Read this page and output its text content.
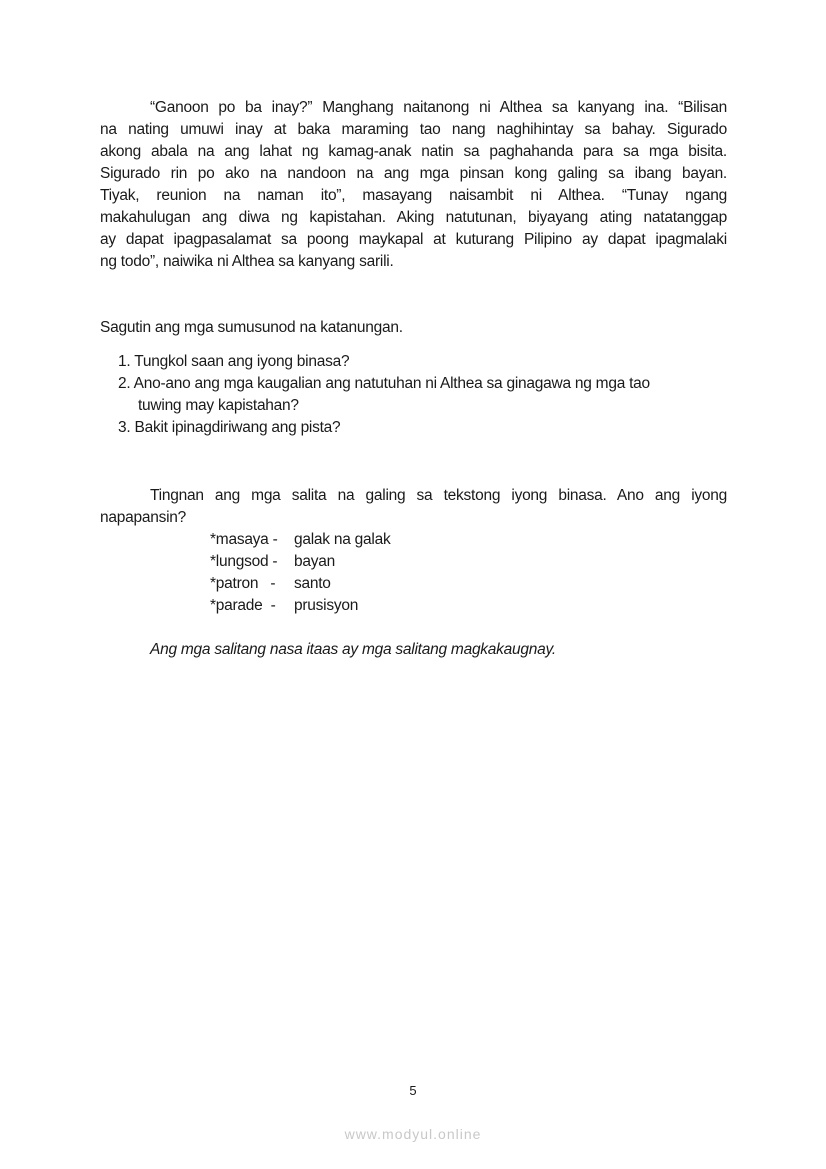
“Ganoon po ba inay?” Manghang naitanong ni Althea sa kanyang ina. “Bilisan
na nating umuwi inay at baka maraming tao nang naghihintay sa bahay. Sigurado
akong abala na ang lahat ng kamag-anak natin sa paghahanda para sa mga bisita.
Sigurado rin po ako na nandoon na ang mga pinsan kong galing sa ibang bayan.
Tiyak, reunion na naman ito”, masayang naisambit ni Althea. “Tunay ngang
makahulugan ang diwa ng kapistahan. Aking natutunan, biyayang ating natatanggap
ay dapat ipagpasalamat sa poong maykapal at kuturang Pilipino ay dapat ipagmalaki
ng todo”, naiwika ni Althea sa kanyang sarili.
Sagutin ang mga sumusunod na katanungan.
1. Tungkol saan ang iyong binasa?
2. Ano-ano ang mga kaugalian ang natutuhan ni Althea sa ginagawa ng mga tao
tuwing may kapistahan?
3. Bakit ipinagdiriwang ang pista?
Tingnan ang mga salita na galing sa tekstong iyong binasa. Ano ang iyong
napapansin?
*masaya - galak na galak
*lungsod - bayan
*patron   - santo
*parade  - prusisyon
Ang mga salitang nasa itaas ay mga salitang magkakaugnay.
5
www.modyul.online
